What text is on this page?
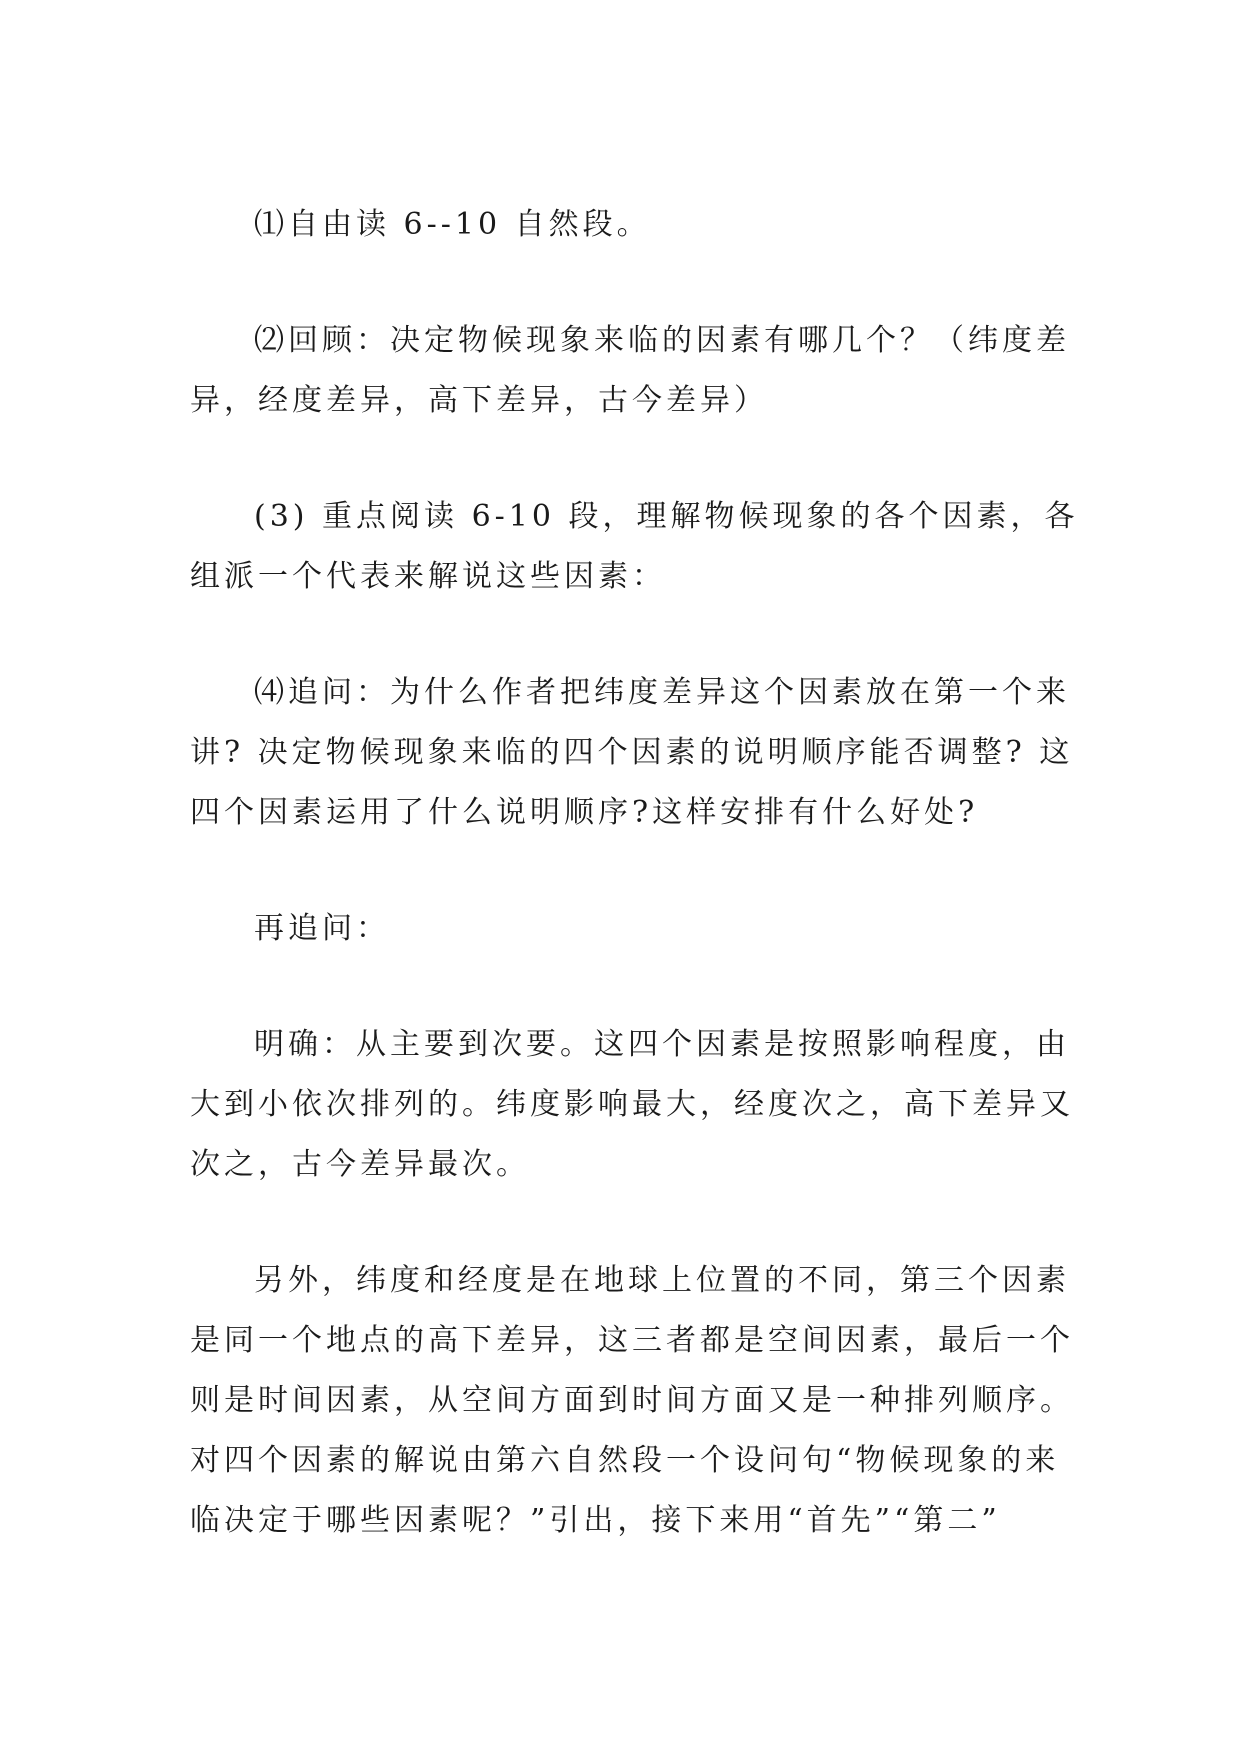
⑴自由读 6--10 自然段。

⑵回顾：决定物候现象来临的因素有哪几个？（纬度差

异，经度差异，高下差异，古今差异）

(3) 重点阅读 6-10 段，理解物候现象的各个因素，各

组派一个代表来解说这些因素：

⑷追问：为什么作者把纬度差异这个因素放在第一个来

讲? 决定物候现象来临的四个因素的说明顺序能否调整? 这

四个因素运用了什么说明顺序?这样安排有什么好处?

再追问：

明确：从主要到次要。这四个因素是按照影响程度，由

大到小依次排列的。纬度影响最大，经度次之，高下差异又

次之，古今差异最次。

另外，纬度和经度是在地球上位置的不同，第三个因素

是同一个地点的高下差异，这三者都是空间因素，最后一个

则是时间因素，从空间方面到时间方面又是一种排列顺序。

对四个因素的解说由第六自然段一个设问句“物候现象的来

临决定于哪些因素呢？”引出，接下来用“首先”“第二”
